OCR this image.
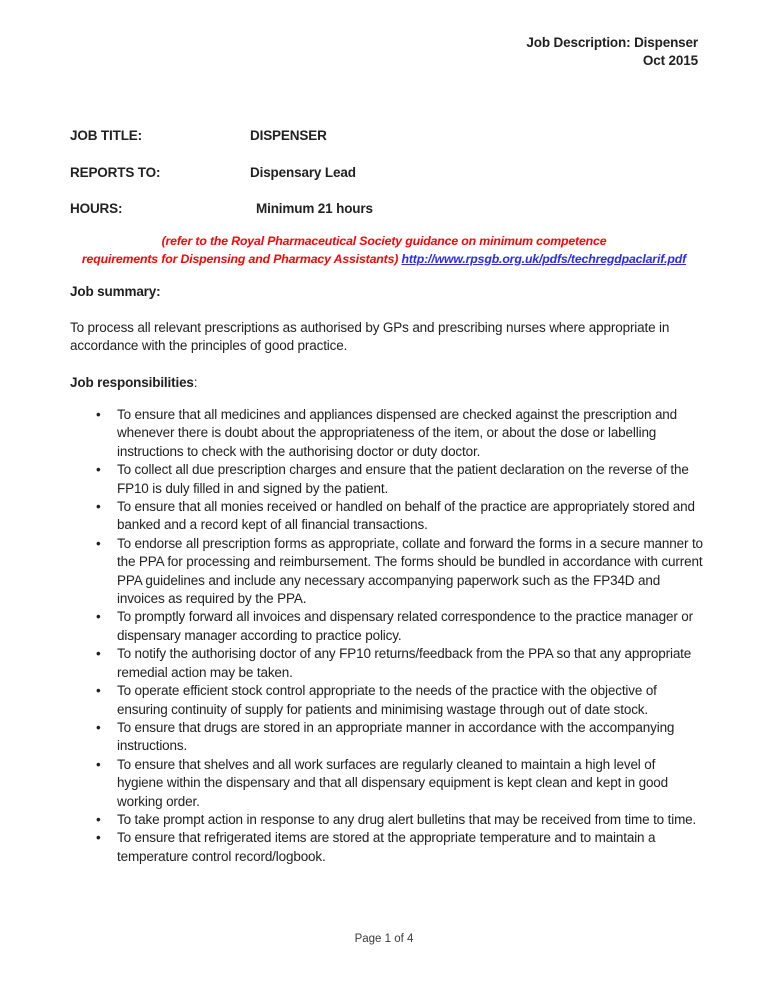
Job Description: Dispenser
Oct 2015
JOB TITLE:	DISPENSER
REPORTS TO:	Dispensary Lead
HOURS:	Minimum 21 hours
(refer to the Royal Pharmaceutical Society guidance on minimum competence
requirements for Dispensing and Pharmacy Assistants) http://www.rpsgb.org.uk/pdfs/techregdpaclarif.pdf
Job summary:
To process all relevant prescriptions as authorised by GPs and prescribing nurses where appropriate in accordance with the principles of good practice.
Job responsibilities:
• To ensure that all medicines and appliances dispensed are checked against the prescription and whenever there is doubt about the appropriateness of the item, or about the dose or labelling instructions to check with the authorising doctor or duty doctor.
• To collect all due prescription charges and ensure that the patient declaration on the reverse of the FP10 is duly filled in and signed by the patient.
• To ensure that all monies received or handled on behalf of the practice are appropriately stored and banked and a record kept of all financial transactions.
• To endorse all prescription forms as appropriate, collate and forward the forms in a secure manner to the PPA for processing and reimbursement. The forms should be bundled in accordance with current PPA guidelines and include any necessary accompanying paperwork such as the FP34D and invoices as required by the PPA.
• To promptly forward all invoices and dispensary related correspondence to the practice manager or dispensary manager according to practice policy.
• To notify the authorising doctor of any FP10 returns/feedback from the PPA so that any appropriate remedial action may be taken.
• To operate efficient stock control appropriate to the needs of the practice with the objective of ensuring continuity of supply for patients and minimising wastage through out of date stock.
• To ensure that drugs are stored in an appropriate manner in accordance with the accompanying instructions.
• To ensure that shelves and all work surfaces are regularly cleaned to maintain a high level of hygiene within the dispensary and that all dispensary equipment is kept clean and kept in good working order.
• To take prompt action in response to any drug alert bulletins that may be received from time to time.
• To ensure that refrigerated items are stored at the appropriate temperature and to maintain a temperature control record/logbook.
Page 1 of 4
